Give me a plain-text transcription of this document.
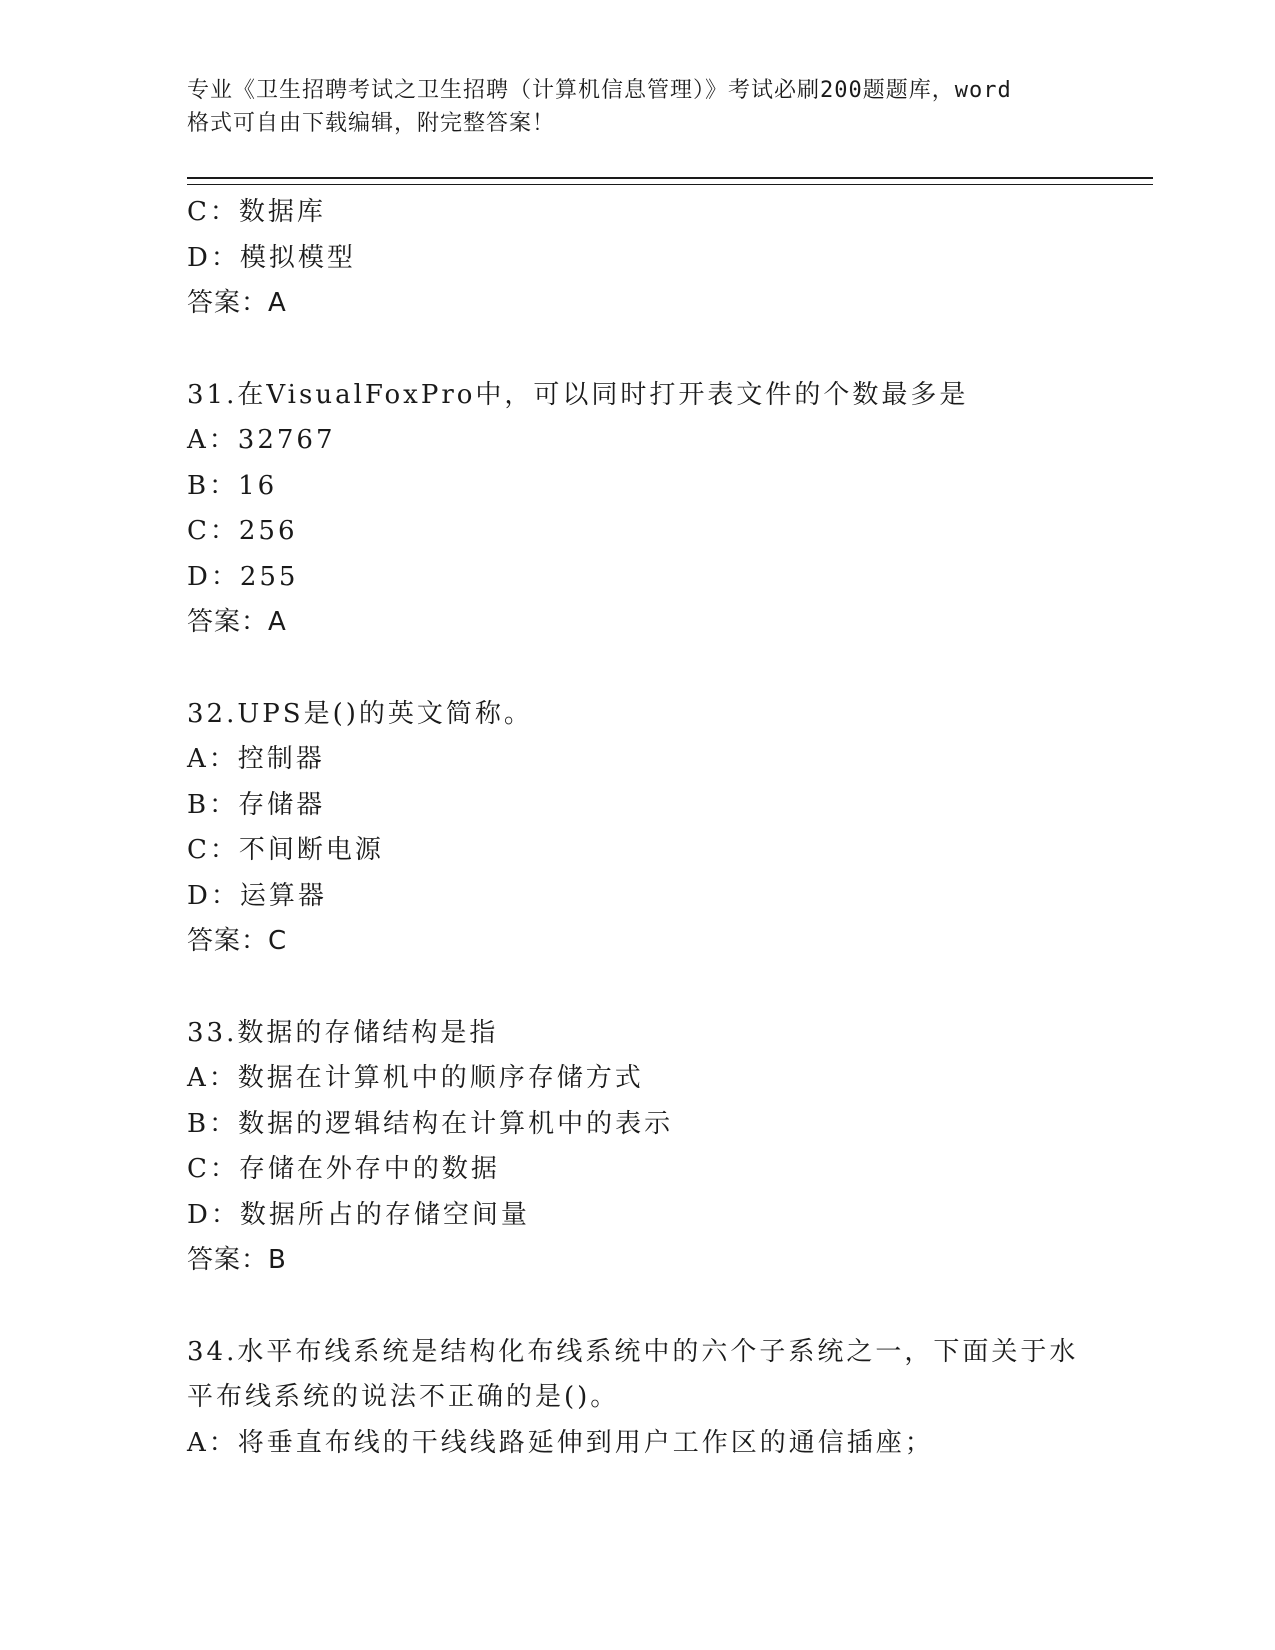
专业《卫生招聘考试之卫生招聘（计算机信息管理）》考试必刷200题题库，word

格式可自由下载编辑，附完整答案！

C：数据库
D：模拟模型
答案：A
31.在VisualFoxPro中，可以同时打开表文件的个数最多是
A：32767
B：16
C：256
D：255
答案：A
32.UPS是()的英文简称。
A：控制器
B：存储器
C：不间断电源
D：运算器
答案：C
33.数据的存储结构是指
A：数据在计算机中的顺序存储方式
B：数据的逻辑结构在计算机中的表示
C：存储在外存中的数据
D：数据所占的存储空间量
答案：B
34.水平布线系统是结构化布线系统中的六个子系统之一，下面关于水
平布线系统的说法不正确的是()。
A：将垂直布线的干线线路延伸到用户工作区的通信插座；
